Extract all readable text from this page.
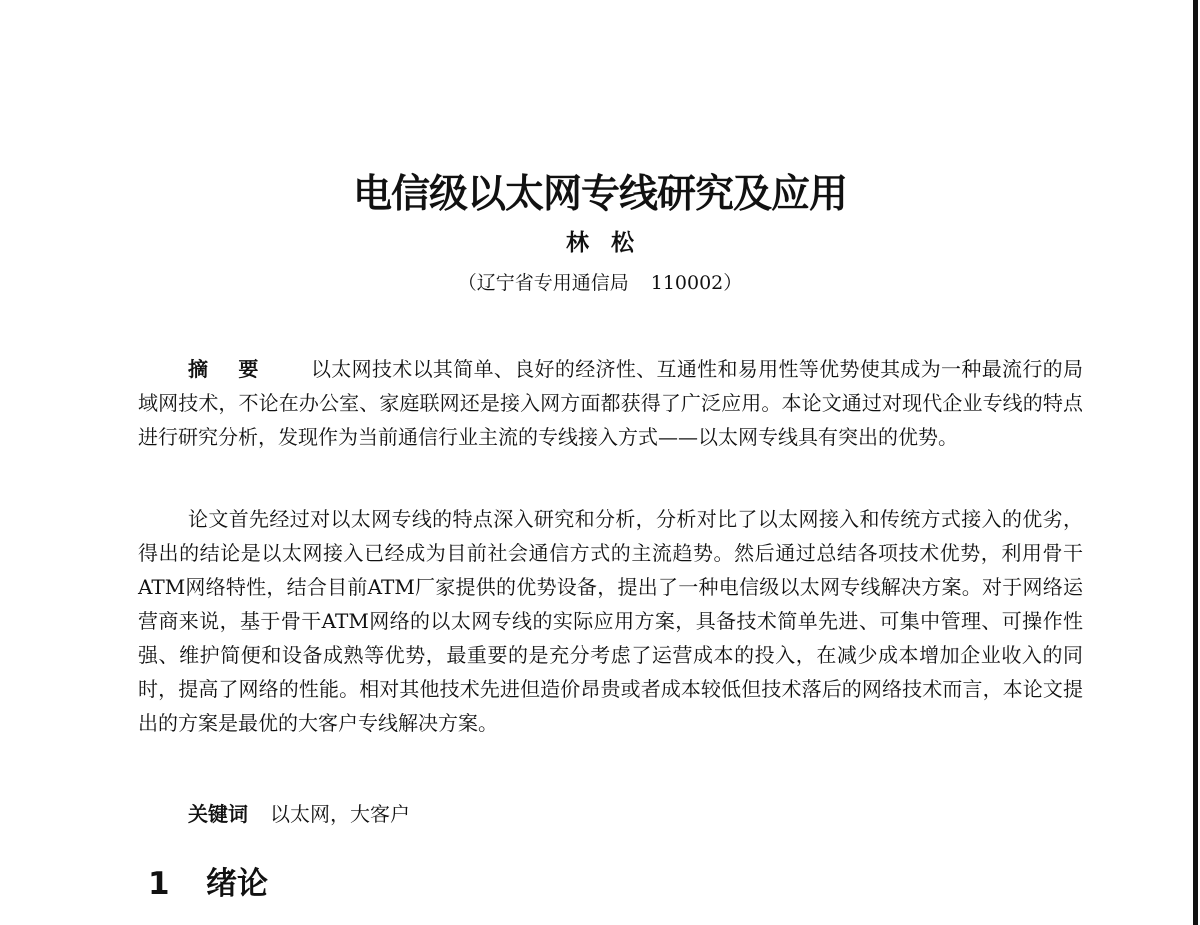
电信级以太网专线研究及应用
林松
（辽宁省专用通信局 110002）

摘要 以太网技术以其简单、良好的经济性、互通性和易用性等优势使其成为一种最流行的局域网技术，不论在办公室、家庭联网还是接入网方面都获得了广泛应用。本论文通过对现代企业专线的特点进行研究分析，发现作为当前通信行业主流的专线接入方式——以太网专线具有突出的优势。

论文首先经过对以太网专线的特点深入研究和分析，分析对比了以太网接入和传统方式接入的优劣，得出的结论是以太网接入已经成为目前社会通信方式的主流趋势。然后通过总结各项技术优势，利用骨干ATM网络特性，结合目前ATM厂家提供的优势设备，提出了一种电信级以太网专线解决方案。对于网络运营商来说，基于骨干ATM网络的以太网专线的实际应用方案，具备技术简单先进、可集中管理、可操作性强、维护简便和设备成熟等优势，最重要的是充分考虑了运营成本的投入，在减少成本增加企业收入的同时，提高了网络的性能。相对其他技术先进但造价昂贵或者成本较低但技术落后的网络技术而言，本论文提出的方案是最优的大客户专线解决方案。

关键词 以太网，大客户
1 绪论
